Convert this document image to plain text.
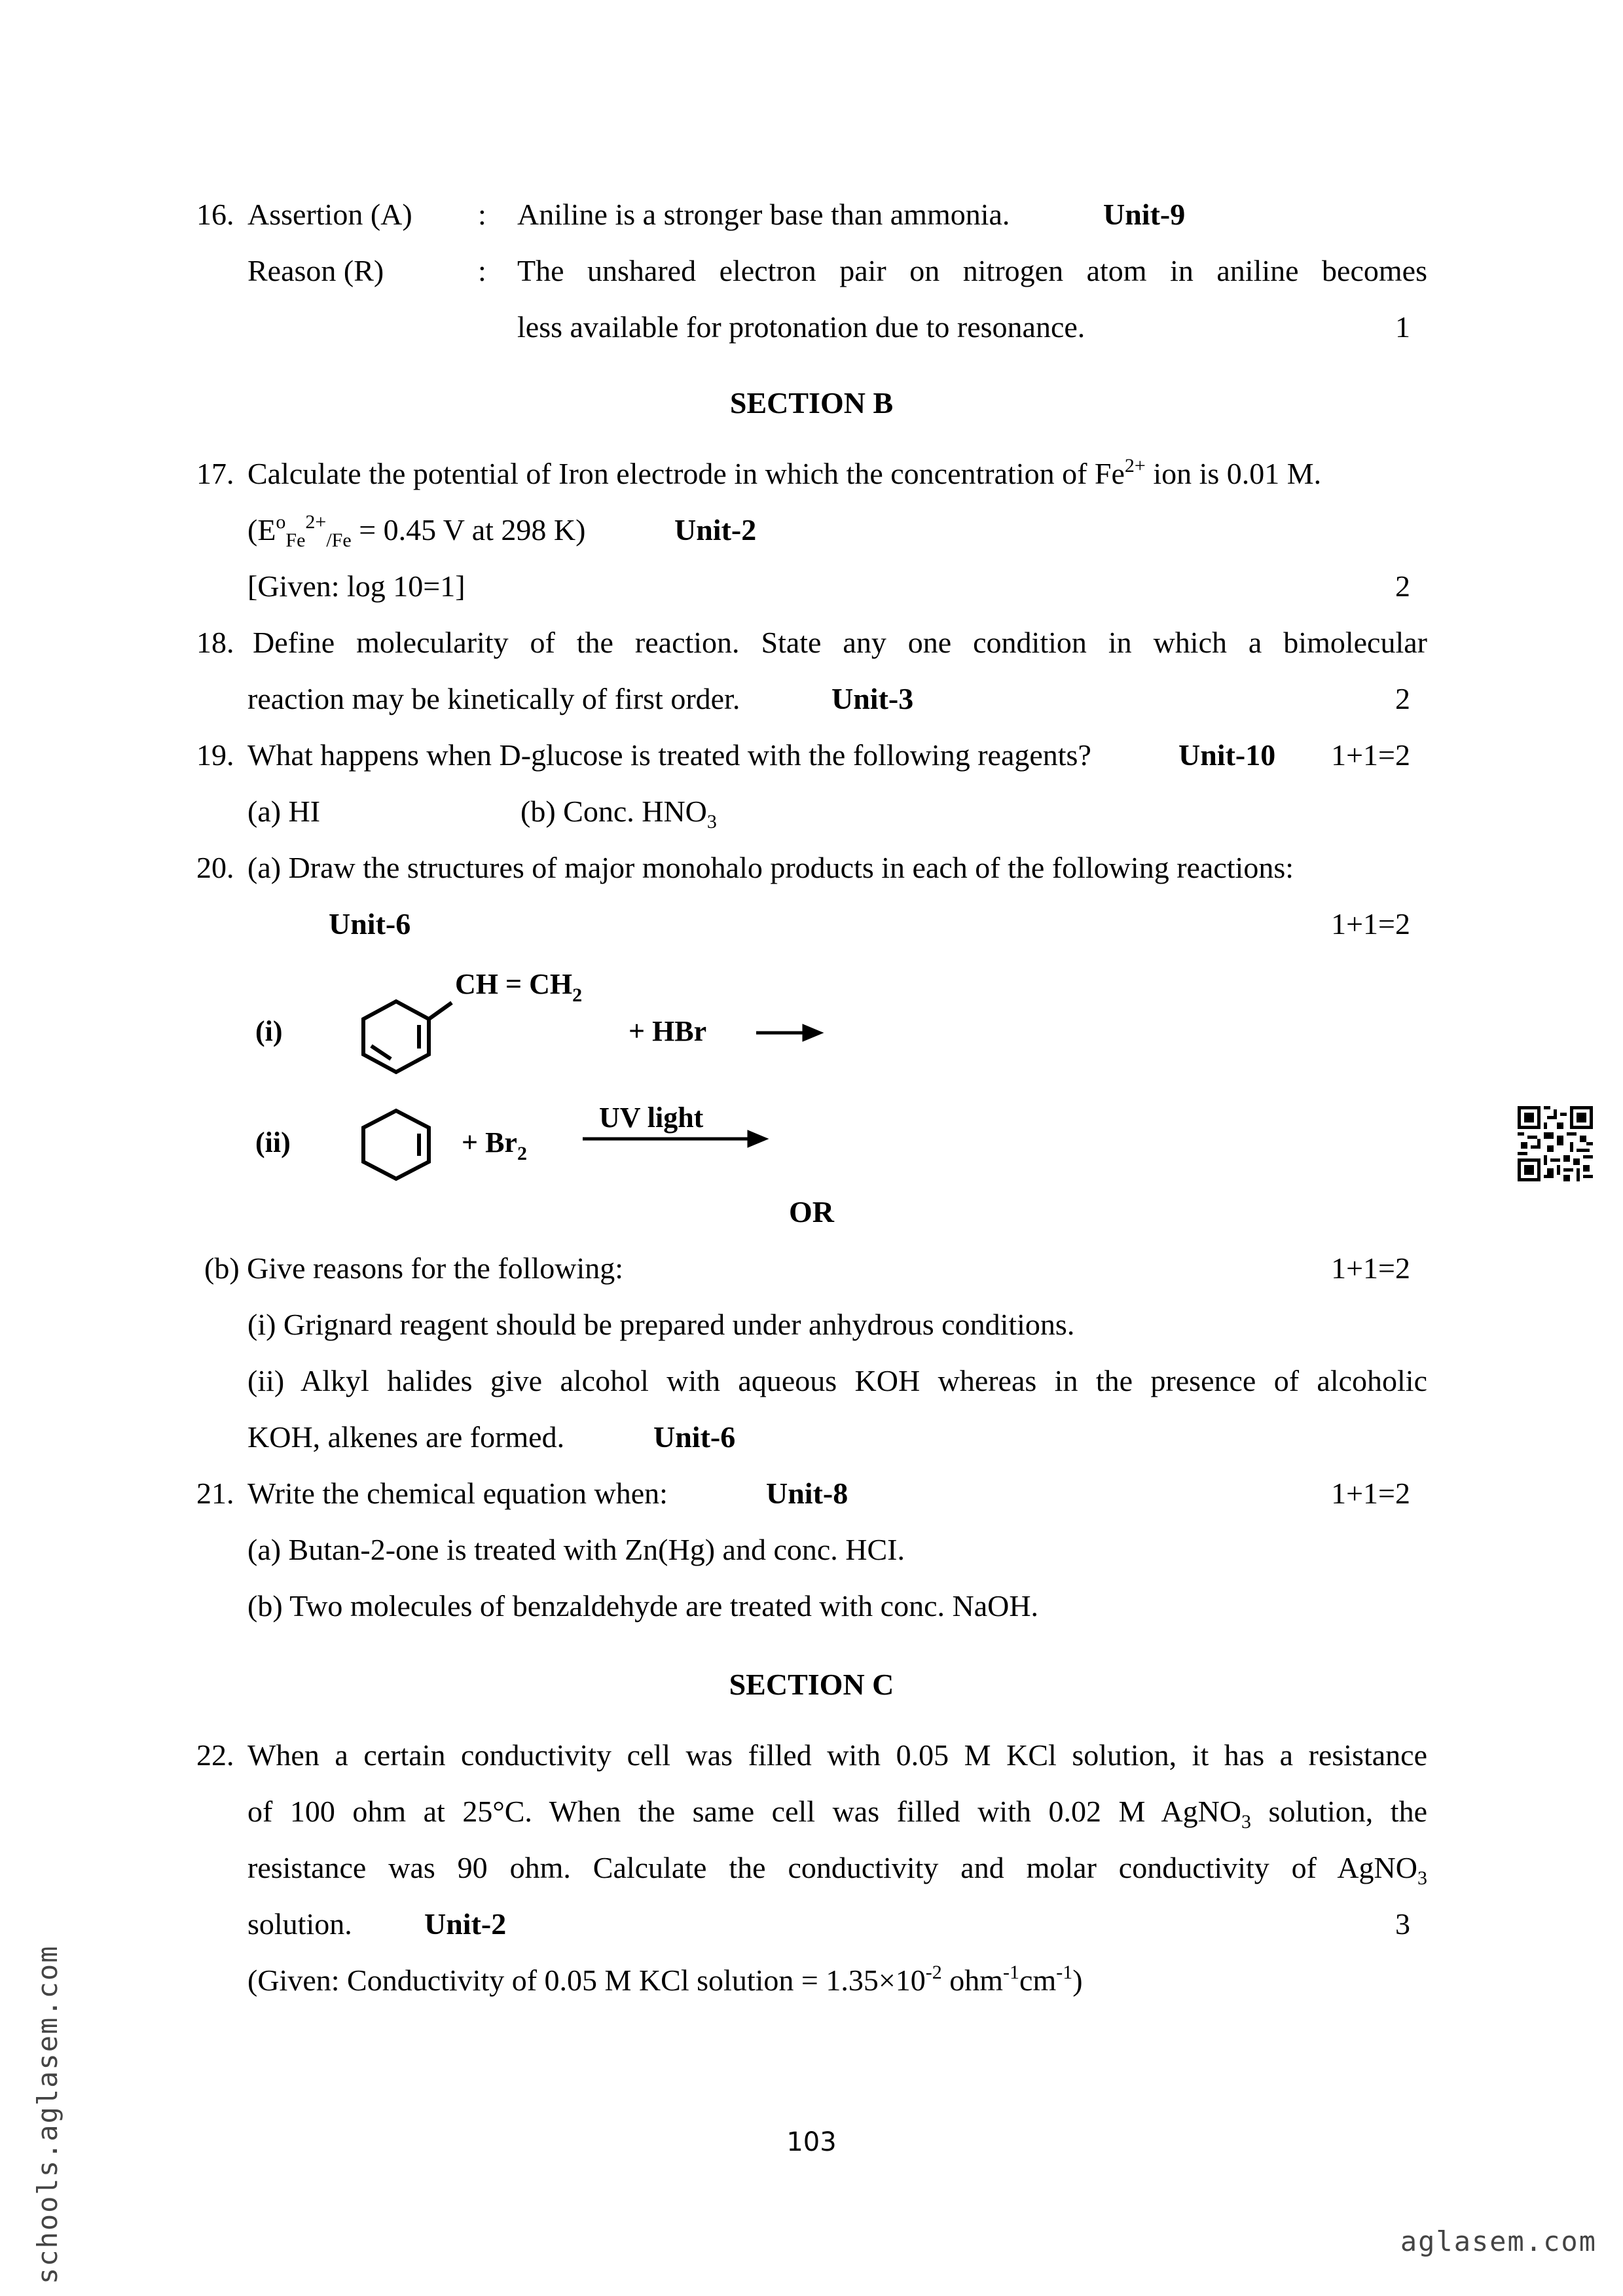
16. Assertion (A) : Aniline is a stronger base than ammonia.	Unit-9
Reason (R)	: The unshared electron pair on nitrogen atom in aniline becomes
less available for protonation due to resonance.	1
SECTION B
17. Calculate the potential of Iron electrode in which the concentration of $Fe^{2+}$ ion is 0.01 M.
($E^o_{Fe}^{2+}_{/Fe} = 0.45$ V at 298 K)	Unit-2
[Given: log 10=1]	2
18. Define molecularity of the reaction. State any one condition in which a bimolecular
reaction may be kinetically of first order.	Unit-3	2
19. What happens when D-glucose is treated with the following reagents?	Unit-10 1+1=2
(a) HI	(b) Conc. $HNO_3$
20. (a) Draw the structures of major monohalo products in each of the following reactions:
Unit-6	1+1=2
(i)
CH = $CH_2$
+ HBr
(ii)	+ $Br_2$
UV light
OR
(b) Give reasons for the following:	1+1=2
(i) Grignard reagent should be prepared under anhydrous conditions.
(ii) Alkyl halides give alcohol with aqueous KOH whereas in the presence of alcoholic
KOH, alkenes are formed.	Unit-6
21. Write the chemical equation when:	Unit-8	1+1=2
(a) Butan-2-one is treated with Zn(Hg) and conc. HCI.
(b) Two molecules of benzaldehyde are treated with conc. NaOH.
SECTION C
22. When a certain conductivity cell was filled with 0.05 M KCl solution, it has a resistance
of 100 ohm at 25°C. When the same cell was filled with 0.02 M AgNO$_3$ solution, the
resistance was 90 ohm. Calculate the conductivity and molar conductivity of AgNO$_3$
solution. Unit-2	3
(Given: Conductivity of 0.05 M KCl solution = $1.35\times 10^{-2}$ $ohm^{-1}cm^{-1}$)
103
schools.aglasem.com	aglasem.com
